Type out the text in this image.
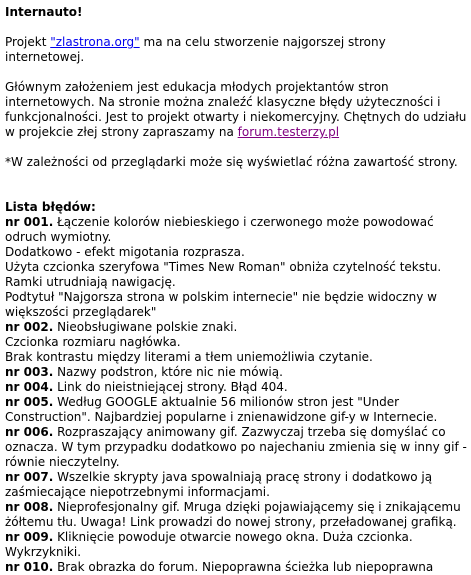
Internauto!
Projekt "zlastrona.org" ma na celu stworzenie najgorszej strony internetowej.
Głównym założeniem jest edukacja młodych projektantów stron internetowych. Na stronie można znaleźć klasyczne błędy użyteczności i funkcjonalności. Jest to projekt otwarty i niekomercyjny. Chętnych do udziału w projekcie złej strony zapraszamy na forum.testerzy.pl
*W zależności od przeglądarki może się wyświetlać różna zawartość strony.
Lista błędów:
nr 001. Łączenie kolorów niebieskiego i czerwonego może powodować odruch wymiotny.
Dodatkowo - efekt migotania rozprasza.
Użyta czcionka szeryfowa "Times New Roman" obniża czytelność tekstu.
Ramki utrudniają nawigację.
Podtytuł "Najgorsza strona w polskim internecie" nie będzie widoczny w większości przeglądarek"
nr 002. Nieobsługiwane polskie znaki.
Czcionka rozmiaru nagłówka.
Brak kontrastu między literami a tłem uniemożliwia czytanie.
nr 003. Nazwy podstron, które nic nie mówią.
nr 004. Link do nieistniejącej strony. Błąd 404.
nr 005. Według GOOGLE aktualnie 56 milionów stron jest "Under Construction". Najbardziej popularne i znienawidzone gif-y w Internecie.
nr 006. Rozpraszający animowany gif. Zazwyczaj trzeba się domyślać co oznacza. W tym przypadku dodatkowo po najechaniu zmienia się w inny gif - równie nieczytelny.
nr 007. Wszelkie skrypty java spowalniają pracę strony i dodatkowo ją zaśmiecające niepotrzebnymi informacjami.
nr 008. Nieprofesjonalny gif. Mruga dzięki pojawiającemy się i znikającemu żółtemu tłu. Uwaga! Link prowadzi do nowej strony, przeładowanej grafiką.
nr 009. Kliknięcie powoduje otwarcie nowego okna. Duża czcionka. Wykrzykniki.
nr 010. Brak obrazka do forum. Niepoprawna ścieżka lub niepoprawna
